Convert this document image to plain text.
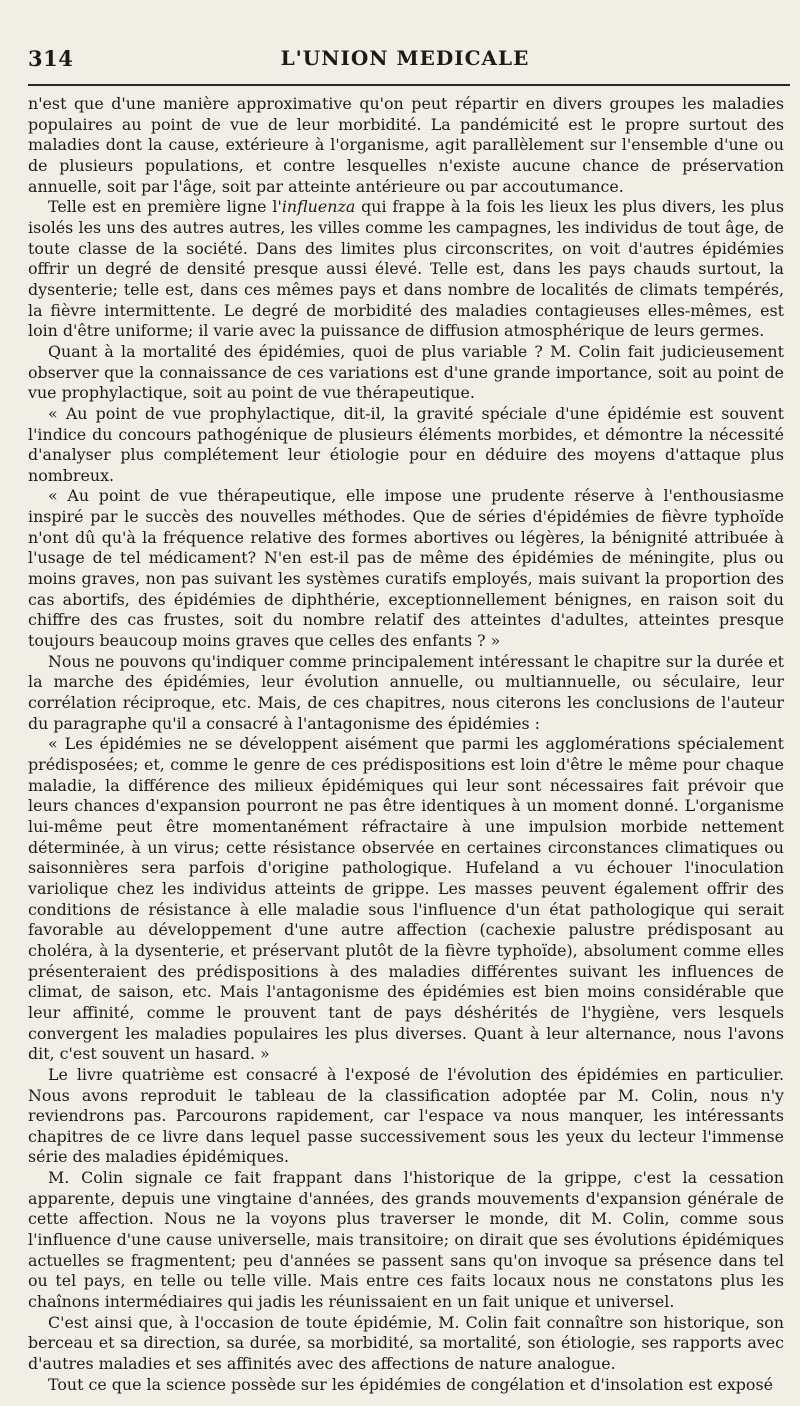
314	L'UNION MEDICALE

n'est que d'une manière approximative qu'on peut répartir en divers groupes les maladies populaires au point de vue de leur morbidité. La pandémicité est le propre surtout des maladies dont la cause, extérieure à l'organisme, agit parallèlement sur l'ensemble d'une ou de plusieurs populations, et contre lesquelles n'existe aucune chance de préservation annuelle, soit par l'âge, soit par atteinte antérieure ou par accoutumance.

Telle est en première ligne l'influenza qui frappe à la fois les lieux les plus divers, les plus isolés les uns des autres autres, les villes comme les campagnes, les individus de tout âge, de toute classe de la société. Dans des limites plus circonscrites, on voit d'autres épidémies offrir un degré de densité presque aussi élevé. Telle est, dans les pays chauds surtout, la dysenterie; telle est, dans ces mêmes pays et dans nombre de localités de climats tempérés, la fièvre intermittente. Le degré de morbidité des maladies contagieuses elles-mêmes, est loin d'être uniforme; il varie avec la puissance de diffusion atmosphérique de leurs germes.

Quant à la mortalité des épidémies, quoi de plus variable ? M. Colin fait judicieusement observer que la connaissance de ces variations est d'une grande importance, soit au point de vue prophylactique, soit au point de vue thérapeutique.

« Au point de vue prophylactique, dit-il, la gravité spéciale d'une épidémie est souvent l'indice du concours pathogénique de plusieurs éléments morbides, et démontre la nécessité d'analyser plus complétement leur étiologie pour en déduire des moyens d'attaque plus nombreux.

« Au point de vue thérapeutique, elle impose une prudente réserve à l'enthousiasme inspiré par le succès des nouvelles méthodes. Que de séries d'épidémies de fièvre typhoïde n'ont dû qu'à la fréquence relative des formes abortives ou légères, la bénignité attribuée à l'usage de tel médicament? N'en est-il pas de même des épidémies de méningite, plus ou moins graves, non pas suivant les systèmes curatifs employés, mais suivant la proportion des cas abortifs, des épidémies de diphthérie, exceptionnellement bénignes, en raison soit du chiffre des cas frustes, soit du nombre relatif des atteintes d'adultes, atteintes presque toujours beaucoup moins graves que celles des enfants ? »

Nous ne pouvons qu'indiquer comme principalement intéressant le chapitre sur la durée et la marche des épidémies, leur évolution annuelle, ou multiannuelle, ou séculaire, leur corrélation réciproque, etc. Mais, de ces chapitres, nous citerons les conclusions de l'auteur du paragraphe qu'il a consacré à l'antagonisme des épidémies :

« Les épidémies ne se développent aisément que parmi les agglomérations spécialement prédisposées; et, comme le genre de ces prédispositions est loin d'être le même pour chaque maladie, la différence des milieux épidémiques qui leur sont nécessaires fait prévoir que leurs chances d'expansion pourront ne pas être identiques à un moment donné. L'organisme lui-même peut être momentanément réfractaire à une impulsion morbide nettement déterminée, à un virus; cette résistance observée en certaines circonstances climatiques ou saisonnières sera parfois d'origine pathologique. Hufeland a vu échouer l'inoculation variolique chez les individus atteints de grippe. Les masses peuvent également offrir des conditions de résistance à elle maladie sous l'influence d'un état pathologique qui serait favorable au développement d'une autre affection (cachexie palustre prédisposant au choléra, à la dysenterie, et préservant plutôt de la fièvre typhoïde), absolument comme elles présenteraient des prédispositions à des maladies différentes suivant les influences de climat, de saison, etc. Mais l'antagonisme des épidémies est bien moins considérable que leur affinité, comme le prouvent tant de pays déshérités de l'hygiène, vers lesquels convergent les maladies populaires les plus diverses. Quant à leur alternance, nous l'avons dit, c'est souvent un hasard. »

Le livre quatrième est consacré à l'exposé de l'évolution des épidémies en particulier. Nous avons reproduit le tableau de la classification adoptée par M. Colin, nous n'y reviendrons pas. Parcourons rapidement, car l'espace va nous manquer, les intéressants chapitres de ce livre dans lequel passe successivement sous les yeux du lecteur l'immense série des maladies épidémiques.

M. Colin signale ce fait frappant dans l'historique de la grippe, c'est la cessation apparente, depuis une vingtaine d'années, des grands mouvements d'expansion générale de cette affection. Nous ne la voyons plus traverser le monde, dit M. Colin, comme sous l'influence d'une cause universelle, mais transitoire; on dirait que ses évolutions épidémiques actuelles se fragmentent; peu d'années se passent sans qu'on invoque sa présence dans tel ou tel pays, en telle ou telle ville. Mais entre ces faits locaux nous ne constatons plus les chaînons intermédiaires qui jadis les réunissaient en un fait unique et universel.

C'est ainsi que, à l'occasion de toute épidémie, M. Colin fait connaître son historique, son berceau et sa direction, sa durée, sa morbidité, sa mortalité, son étiologie, ses rapports avec d'autres maladies et ses affinités avec des affections de nature analogue.

Tout ce que la science possède sur les épidémies de congélation et d'insolation est exposé
